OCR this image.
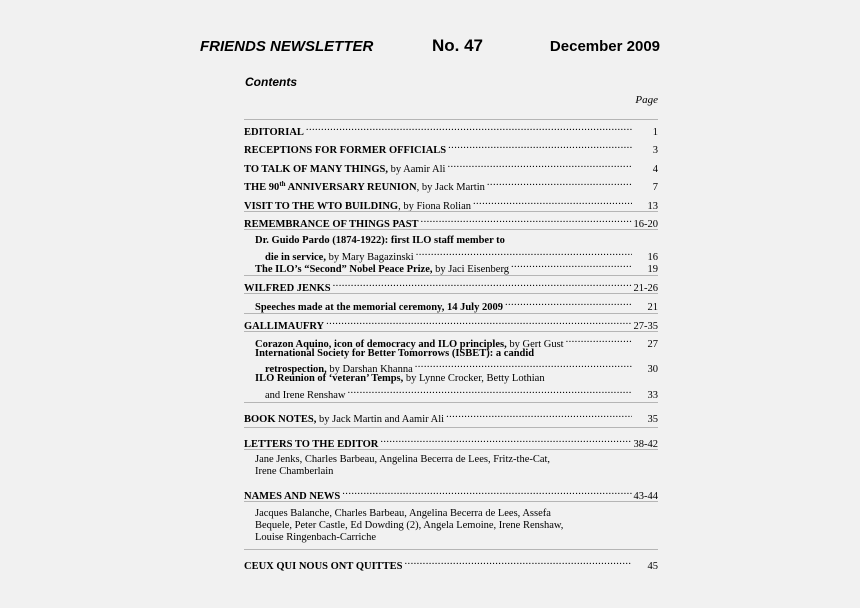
FRIENDS NEWSLETTER	No. 47	December 2009
Contents
Page
EDITORIAL .....	1
RECEPTIONS FOR FORMER OFFICIALS .....	3
TO TALK OF MANY THINGS, by Aamir Ali .....	4
THE 90th ANNIVERSARY REUNION, by Jack Martin .....	7
VISIT TO THE WTO BUILDING, by Fiona Rolian .....	13
REMEMBRANCE OF THINGS PAST .....	16-20
Dr. Guido Pardo (1874-1922): first ILO staff member to
die in service, by Mary Bagazinski .....	16
The ILO’s “Second” Nobel Peace Prize, by Jaci Eisenberg .....	19
WILFRED JENKS .....	21-26
Speeches made at the memorial ceremony, 14 July 2009 .....	21
GALLIMAUFRY .....	27-35
Corazon Aquino, icon of democracy and ILO principles, by Gert Gust .....	27
International Society for Better Tomorrows (ISBET): a candid
retrospection, by Darshan Khanna .....	30
ILO Reunion of ‘veteran’ Temps, by Lynne Crocker, Betty Lothian
and Irene Renshaw .....	33
BOOK NOTES, by Jack Martin and Aamir Ali .....	35
LETTERS TO THE EDITOR .....	38-42
Jane Jenks, Charles Barbeau, Angelina Becerra de Lees, Fritz-the-Cat,
Irene Chamberlain
NAMES AND NEWS .....	43-44
Jacques Balanche, Charles Barbeau, Angelina Becerra de Lees, Assefa
Bequele, Peter Castle, Ed Dowding (2), Angela Lemoine, Irene Renshaw,
Louise Ringenbach-Carriche
CEUX QUI NOUS ONT QUITTES .....	45
